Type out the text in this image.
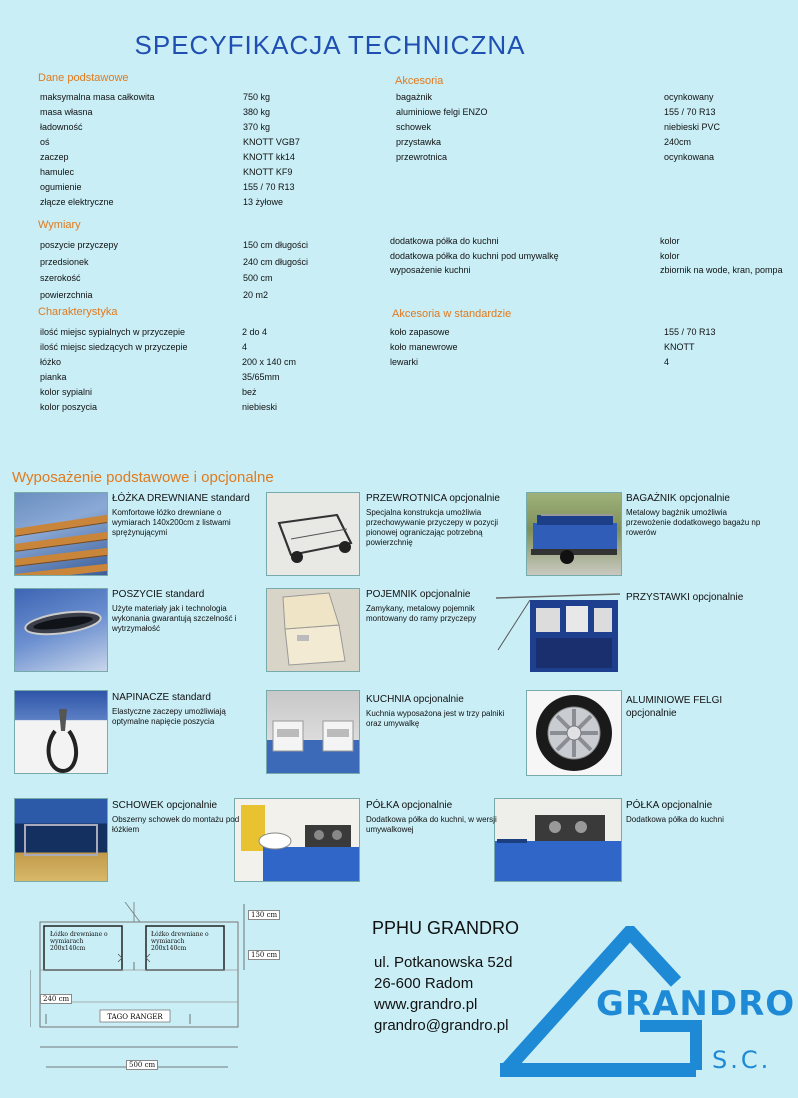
SPECYFIKACJA TECHNICZNA
Dane podstawowe
maksymalna masa całkowita	750 kg
masa własna	380 kg
ładowność	370 kg
oś	KNOTT VGB7
zaczep	KNOTT kk14
hamulec	KNOTT KF9
ogumienie	155 / 70 R13
złącze elektryczne	13 żyłowe
Akcesoria
bagażnik	ocynkowany
aluminiowe felgi ENZO	155 / 70 R13
schowek	niebieski PVC
przystawka	240cm
przewrotnica	ocynkowana
Wymiary
poszycie przyczepy	150 cm długości
przedsionek	240 cm długości
szerokość	500 cm
powierzchnia	20 m2
dodatkowa półka do kuchni	kolor
dodatkowa półka do kuchni pod umywalkę	kolor
wyposażenie kuchni	zbiornik na wode, kran, pompa
Charakterystyka
ilość miejsc sypialnych w przyczepie	2 do 4
ilość miejsc siedzących w przyczepie	4
łóżko	200 x 140 cm
pianka	35/65mm
kolor sypialni	beż
kolor poszycia	niebieski
Akcesoria w standardzie
koło zapasowe	155 / 70 R13
koło manewrowe	KNOTT
lewarki	4
Wyposażenie podstawowe i opcjonalne
ŁÓŻKA DREWNIANE standard
Komfortowe łóżko drewniane o wymiarach 140x200cm z listwami sprężynującymi
PRZEWROTNICA opcjonalnie
Specjalna konstrukcja umożliwia przechowywanie przyczepy w pozycji pionowej ograniczając potrzebną powierzchnię
BAGAŻNIK opcjonalnie
Metalowy bagżnik umożliwia przewożenie dodatkowego bagażu np rowerów
POSZYCIE standard
Użyte materiały jak i technologia wykonania gwarantują szczelność i wytrzymałość
POJEMNIK opcjonalnie
Zamykany, metalowy pojemnik montowany do ramy przyczepy
PRZYSTAWKI opcjonalnie
NAPINACZE standard
Elastyczne zaczepy umożliwiają optymalne napięcie poszycia
KUCHNIA opcjonalnie
Kuchnia wyposażona jest w trzy palniki oraz umywalkę
ALUMINIOWE FELGI opcjonalnie
SCHOWEK opcjonalnie
Obszerny schowek do montażu pod łóżkiem
PÓŁKA opcjonalnie
Dodatkowa półka do kuchni, w wersji umywalkowej
PÓŁKA opcjonalnie
Dodatkowa półka do kuchni
TAGO RANGER
Łóżko drewniane o wymiarach 200x140cm
Łóżko drewniane o wymiarach 200x140cm
130 cm
150 cm
240 cm
500 cm
PPHU GRANDRO
ul. Potkanowska 52d
26-600 Radom
www.grandro.pl
grandro@grandro.pl
GRANDRO
S.C.
